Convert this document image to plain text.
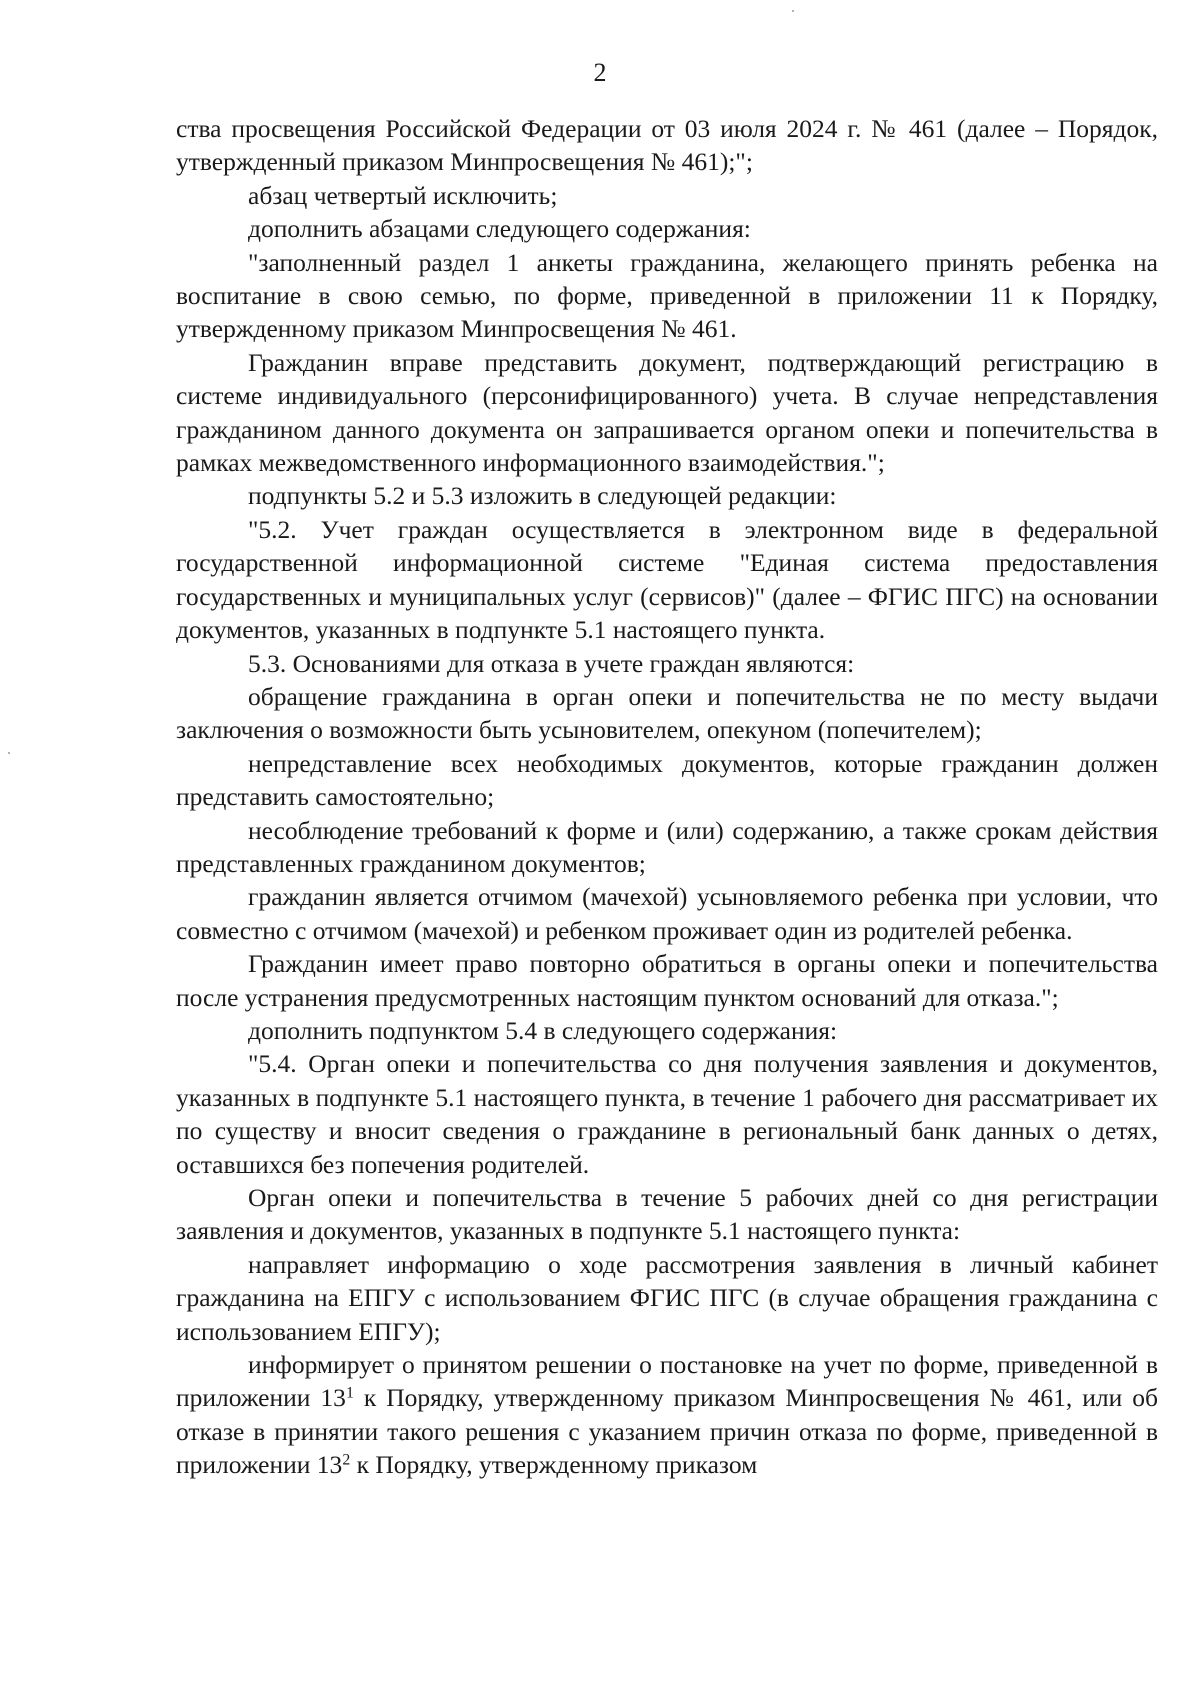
2

ства просвещения Российской Федерации от 03 июля 2024 г. № 461 (далее – Порядок, утвержденный приказом Минпросвещения № 461);";

абзац четвертый исключить;

дополнить абзацами следующего содержания:

"заполненный раздел 1 анкеты гражданина, желающего принять ребенка на воспитание в свою семью, по форме, приведенной в приложении 11 к Порядку, утвержденному приказом Минпросвещения № 461.

Гражданин вправе представить документ, подтверждающий регистрацию в системе индивидуального (персонифицированного) учета. В случае непредставления гражданином данного документа он запрашивается органом опеки и попечительства в рамках межведомственного информационного взаимодействия.";

подпункты 5.2 и 5.3 изложить в следующей редакции:

"5.2. Учет граждан осуществляется в электронном виде в федеральной государственной информационной системе "Единая система предоставления государственных и муниципальных услуг (сервисов)" (далее – ФГИС ПГС) на основании документов, указанных в подпункте 5.1 настоящего пункта.

5.3. Основаниями для отказа в учете граждан являются:

обращение гражданина в орган опеки и попечительства не по месту выдачи заключения о возможности быть усыновителем, опекуном (попечителем);

непредставление всех необходимых документов, которые гражданин должен представить самостоятельно;

несоблюдение требований к форме и (или) содержанию, а также срокам действия представленных гражданином документов;

гражданин является отчимом (мачехой) усыновляемого ребенка при условии, что совместно с отчимом (мачехой) и ребенком проживает один из родителей ребенка.

Гражданин имеет право повторно обратиться в органы опеки и попечительства после устранения предусмотренных настоящим пунктом оснований для отказа.";

дополнить подпунктом 5.4 в следующего содержания:

"5.4. Орган опеки и попечительства со дня получения заявления и документов, указанных в подпункте 5.1 настоящего пункта, в течение 1 рабочего дня рассматривает их по существу и вносит сведения о гражданине в региональный банк данных о детях, оставшихся без попечения родителей.

Орган опеки и попечительства в течение 5 рабочих дней со дня регистрации заявления и документов, указанных в подпункте 5.1 настоящего пункта:

направляет информацию о ходе рассмотрения заявления в личный кабинет гражданина на ЕПГУ с использованием ФГИС ПГС (в случае обращения гражданина с использованием ЕПГУ);

информирует о принятом решении о постановке на учет по форме, приведенной в приложении $13^1$ к Порядку, утвержденному приказом Минпросвещения № 461, или об отказе в принятии такого решения с указанием причин отказа по форме, приведенной в приложении $13^2$ к Порядку, утвержденному приказом
